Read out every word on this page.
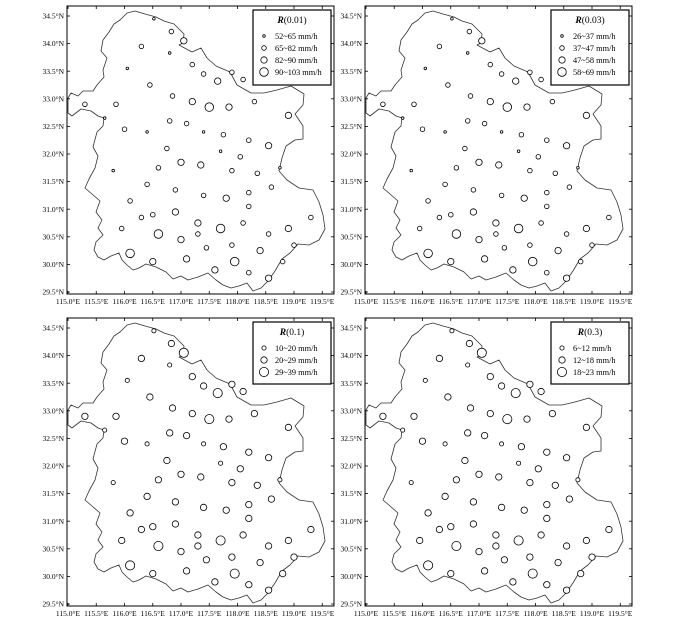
115.0°E 115.5°E 116.0°E 116.5°E 117.0°E 117.5°E 118.0°E 118.5°E 119.0°E 119.5°E
29.5°N
30.0°N
30.5°N
31.0°N
31.5°N
32.0°N
32.5°N
33.0°N
33.5°N
34.0°N
34.5°N	R(0.01)
52~65 mm/h
65~82 mm/h
82~90 mm/h
90~103 mm/h
115.0°E 115.5°E 116.0°E 116.5°E 117.0°E 117.5°E 118.0°E 118.5°E 119.0°E 119.5°E
29.5°N
30.0°N
30.5°N
31.0°N
31.5°N
32.0°N
32.5°N
33.0°N
33.5°N
34.0°N
34.5°N	R(0.03)
26~37 mm/h
37~47 mm/h
47~58 mm/h
58~69 mm/h
115.0°E 115.5°E 116.0°E 116.5°E 117.0°E 117.5°E 118.0°E 118.5°E 119.0°E 119.5°E
29.5°N
30.0°N
30.5°N
31.0°N
31.5°N
32.0°N
32.5°N
33.0°N
33.5°N
34.0°N
34.5°N	R(0.1)
10~20 mm/h
20~29 mm/h
29~39 mm/h
115.0°E 115.5°E 116.0°E 116.5°E 117.0°E 117.5°E 118.0°E 118.5°E 119.0°E 119.5°E
29.5°N
30.0°N
30.5°N
31.0°N
31.5°N
32.0°N
32.5°N
33.0°N
33.5°N
34.0°N
34.5°N	R(0.3)
6~12 mm/h
12~18 mm/h
18~23 mm/h
